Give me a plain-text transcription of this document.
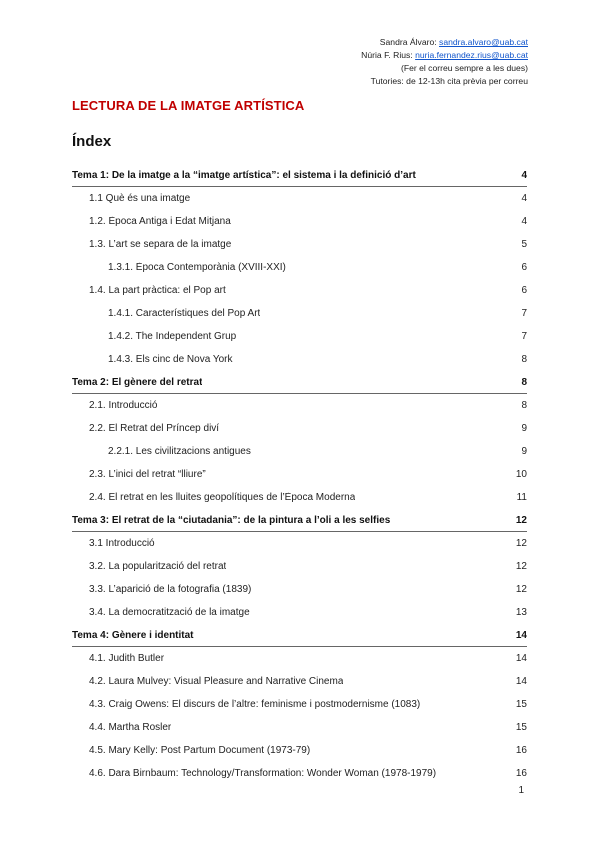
Sandra Álvaro: sandra.alvaro@uab.cat
Núria F. Rius: nuria.fernandez.rius@uab.cat
(Fer el correu sempre a les dues)
Tutories: de 12-13h cita prèvia per correu
LECTURA DE LA IMATGE ARTÍSTICA
Índex
Tema 1: De la imatge a la “imatge artística”: el sistema i la definició d’art	4
1.1 Què és una imatge	4
1.2. Època Antiga i Edat Mitjana	4
1.3. L’art se separa de la imatge	5
1.3.1. Època Contemporània (XVIII-XXI)	6
1.4. La part pràctica: el Pop art	6
1.4.1. Característiques del Pop Art	7
1.4.2. The Independent Grup	7
1.4.3. Els cinc de Nova York	8
Tema 2: El gènere del retrat	8
2.1. Introducció	8
2.2. El Retrat del Príncep diví	9
2.2.1. Les civilitzacions antigues	9
2.3. L’inici del retrat “lliure”	10
2.4. El retrat en les lluites geopolítiques de l’Època Moderna	11
Tema 3: El retrat de la “ciutadania”: de la pintura a l’oli a les selfies	12
3.1 Introducció	12
3.2. La popularització del retrat	12
3.3. L’aparició de la fotografia (1839)	12
3.4. La democratització de la imatge	13
Tema 4: Gènere i identitat	14
4.1. Judith Butler	14
4.2. Laura Mulvey: Visual Pleasure and Narrative Cinema	14
4.3. Craig Owens: El discurs de l’altre: feminisme i postmodernisme (1083)	15
4.4. Martha Rosler	15
4.5. Mary Kelly: Post Partum Document (1973-79)	16
4.6. Dara Birnbaum: Technology/Transformation: Wonder Woman (1978-1979)	16
1
